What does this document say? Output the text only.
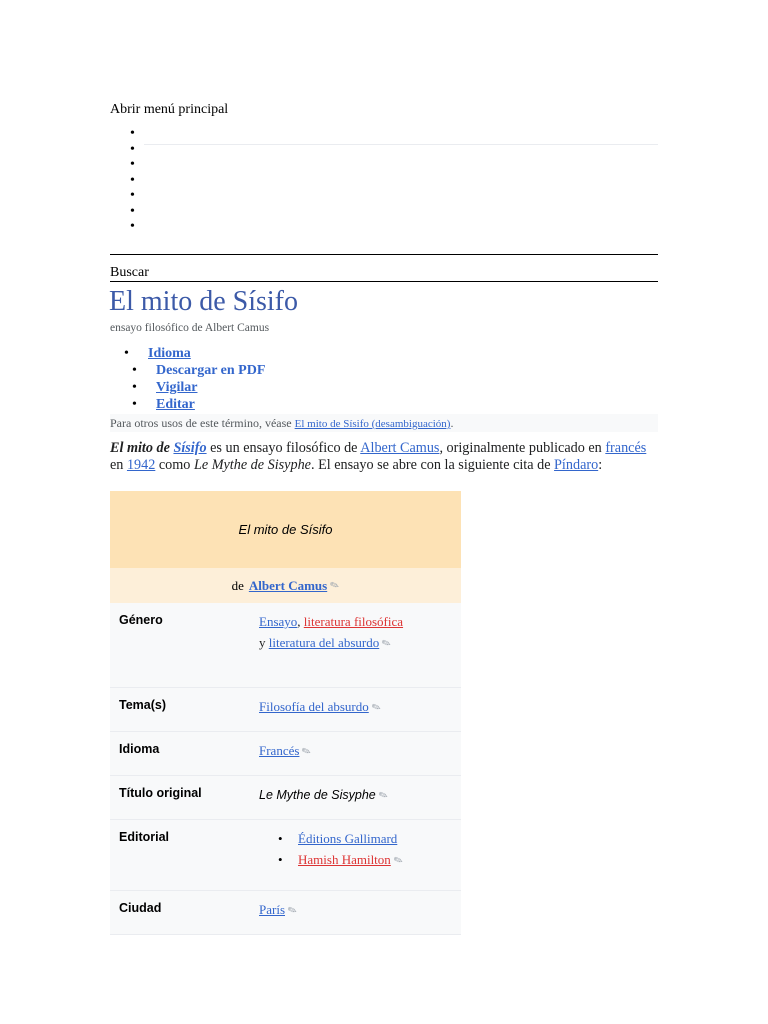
Abrir menú principal
•
•
•
•
•
•
•
Buscar
El mito de Sísifo
ensayo filosófico de Albert Camus
• Idioma
• Descargar en PDF
• Vigilar
• Editar
Para otros usos de este término, véase El mito de Sísifo (desambiguación).
El mito de Sísifo es un ensayo filosófico de Albert Camus, originalmente publicado en francés en 1942 como Le Mythe de Sisyphe. El ensayo se abre con la siguiente cita de Píndaro:
El mito de Sísifo
de Albert Camus ✎
Género	Ensayo, literatura filosófica y literatura del absurdo✎
Tema(s)	Filosofía del absurdo✎
Idioma	Francés✎
Título original	Le Mythe de Sisyphe✎
Editorial
•	Éditions Gallimard
• Hamish Hamilton✎
Ciudad	París✎
